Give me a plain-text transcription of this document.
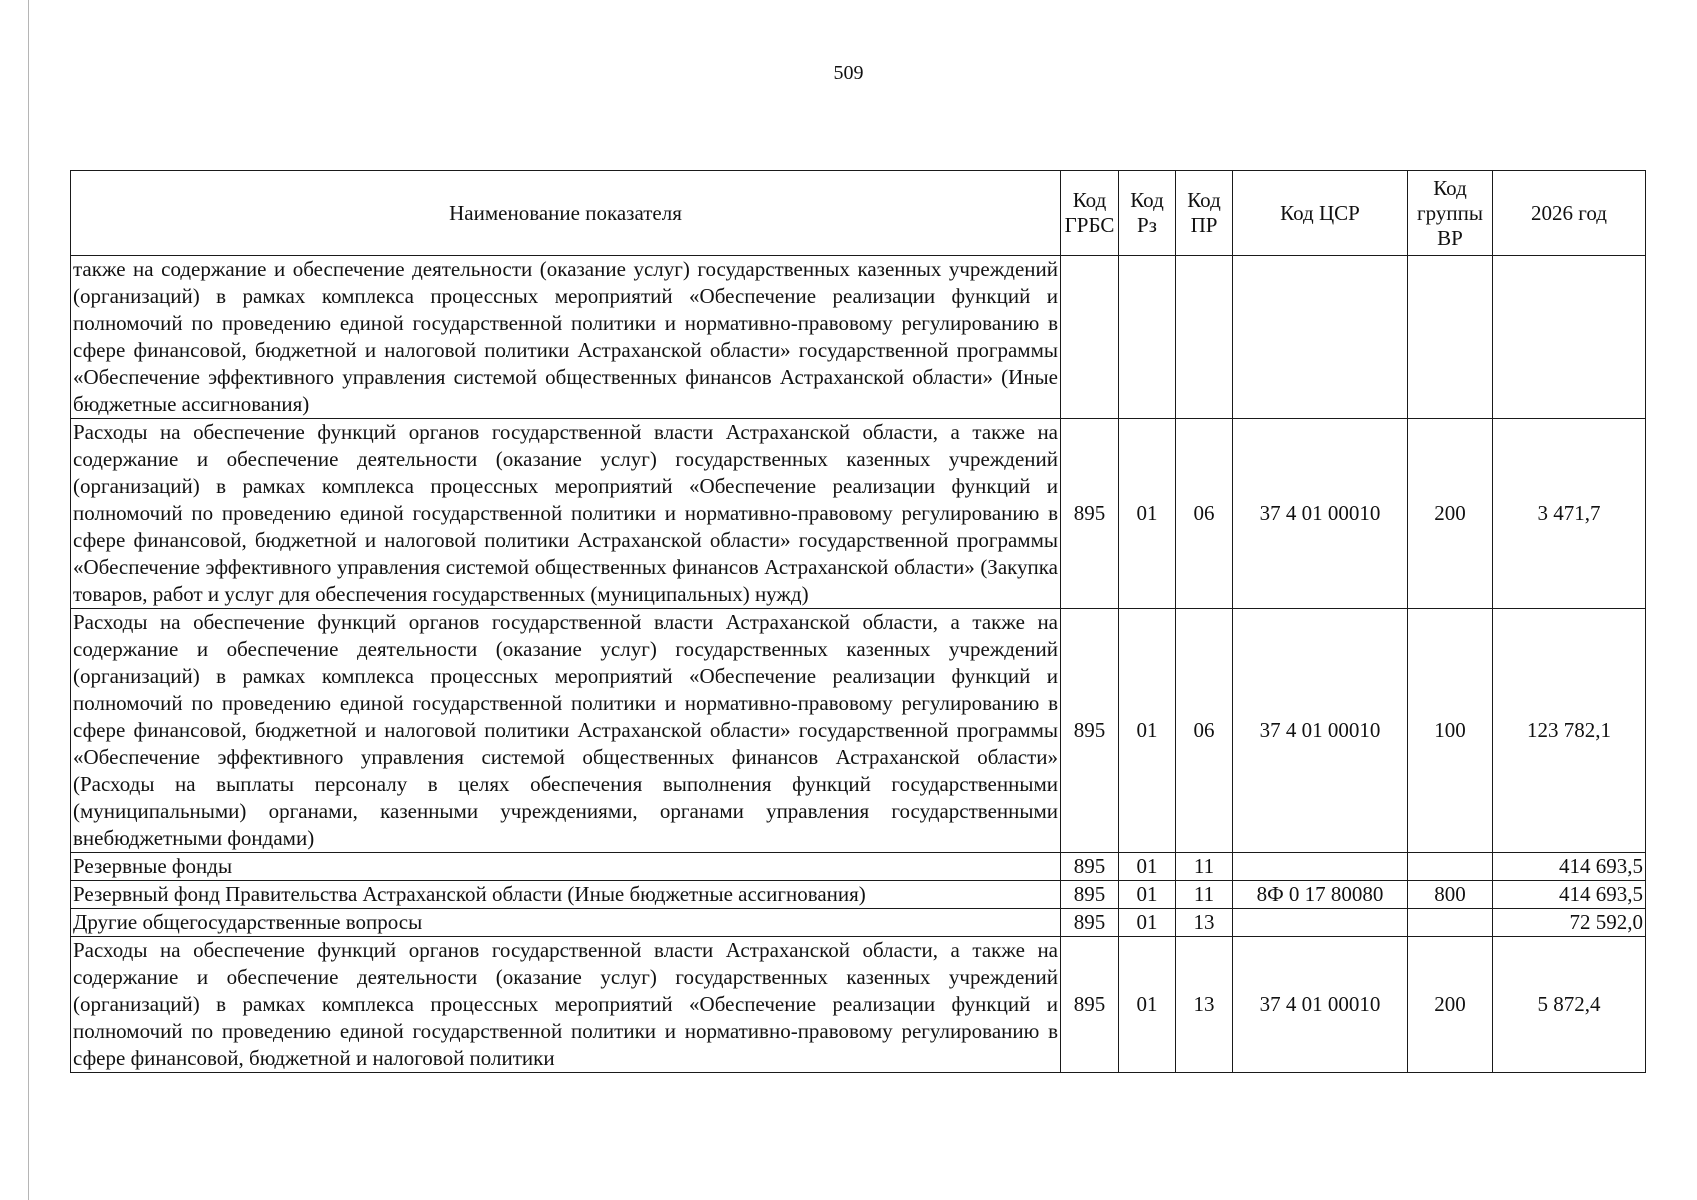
509
Наименование показателя	Код ГРБС	Код Рз	Код ПР	Код ЦСР	Код группы ВР	2026 год
также на содержание и обеспечение деятельности (оказание услуг) государственных казенных учреждений (организаций) в рамках комплекса процессных мероприятий «Обеспечение реализации функций и полномочий по проведению единой государственной политики и нормативно-правовому регулированию в сфере финансовой, бюджетной и налоговой политики Астраханской области» государственной программы «Обеспечение эффективного управления системой общественных финансов Астраханской области» (Иные бюджетные ассигнования)						
Расходы на обеспечение функций органов государственной власти Астраханской области, а также на содержание и обеспечение деятельности (оказание услуг) государственных казенных учреждений (организаций) в рамках комплекса процессных мероприятий «Обеспечение реализации функций и полномочий по проведению единой государственной политики и нормативно-правовому регулированию в сфере финансовой, бюджетной и налоговой политики Астраханской области» государственной программы «Обеспечение эффективного управления системой общественных финансов Астраханской области» (Закупка товаров, работ и услуг для обеспечения государственных (муниципальных) нужд)	895	01	06	37 4 01 00010	200	3 471,7
Расходы на обеспечение функций органов государственной власти Астраханской области, а также на содержание и обеспечение деятельности (оказание услуг) государственных казенных учреждений (организаций) в рамках комплекса процессных мероприятий «Обеспечение реализации функций и полномочий по проведению единой государственной политики и нормативно-правовому регулированию в сфере финансовой, бюджетной и налоговой политики Астраханской области» государственной программы «Обеспечение эффективного управления системой общественных финансов Астраханской области» (Расходы на выплаты персоналу в целях обеспечения выполнения функций государственными (муниципальными) органами, казенными учреждениями, органами управления государственными внебюджетными фондами)	895	01	06	37 4 01 00010	100	123 782,1
Резервные фонды	895	01	11			414 693,5
Резервный фонд Правительства Астраханской области (Иные бюджетные ассигнования)	895	01	11	8Ф 0 17 80080	800	414 693,5
Другие общегосударственные вопросы	895	01	13			72 592,0
Расходы на обеспечение функций органов государственной власти Астраханской области, а также на содержание и обеспечение деятельности (оказание услуг) государственных казенных учреждений (организаций) в рамках комплекса процессных мероприятий «Обеспечение реализации функций и полномочий по проведению единой государственной политики и нормативно-правовому регулированию в сфере финансовой, бюджетной и налоговой политики	895	01	13	37 4 01 00010	200	5 872,4
